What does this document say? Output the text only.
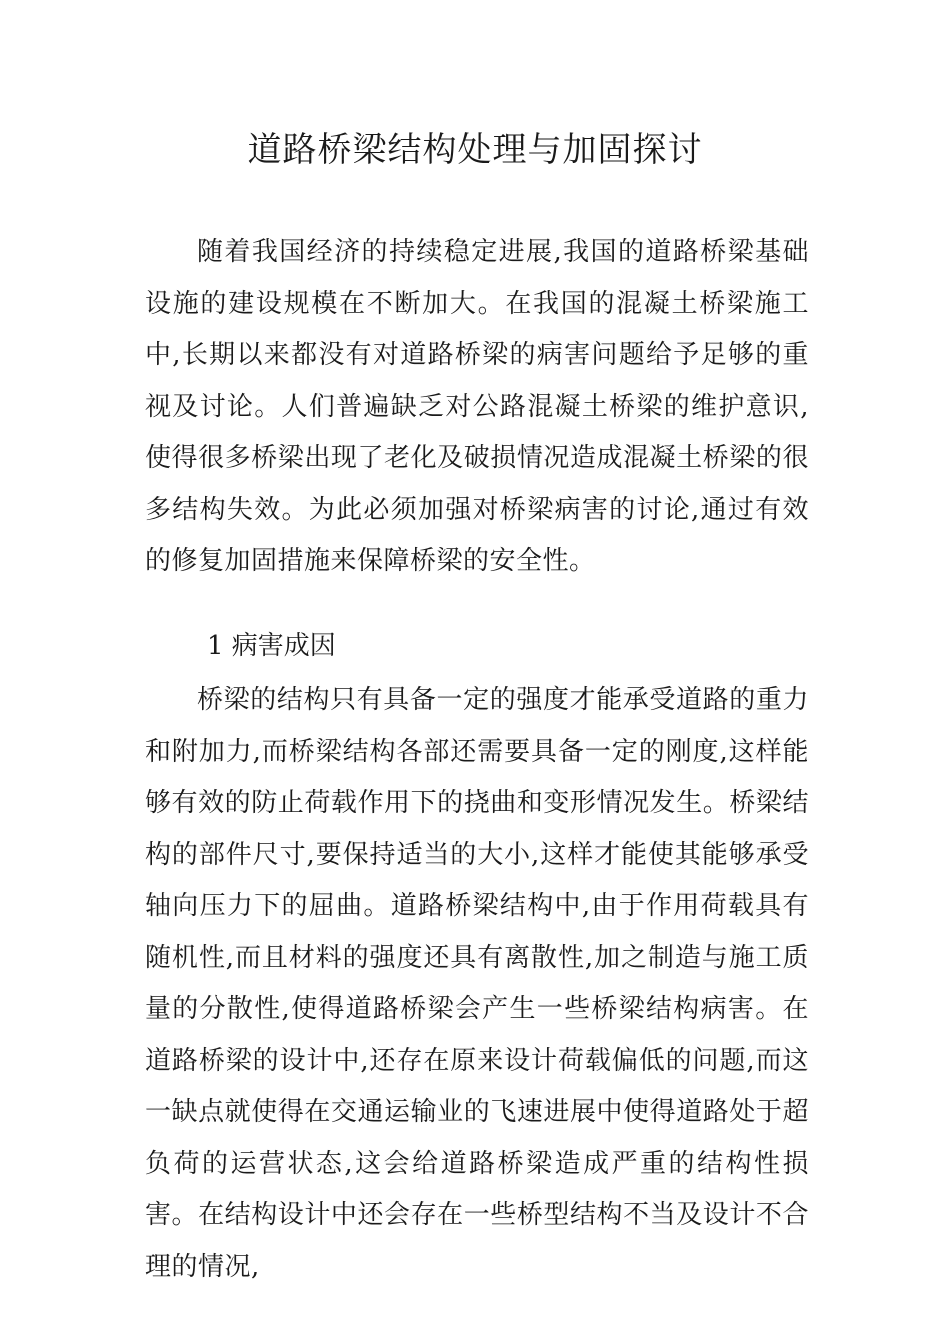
道路桥梁结构处理与加固探讨

随着我国经济的持续稳定进展,我国的道路桥梁基础设施的建设规模在不断加大。在我国的混凝土桥梁施工中,长期以来都没有对道路桥梁的病害问题给予足够的重视及讨论。人们普遍缺乏对公路混凝土桥梁的维护意识,使得很多桥梁出现了老化及破损情况造成混凝土桥梁的很多结构失效。为此必须加强对桥梁病害的讨论,通过有效的修复加固措施来保障桥梁的安全性。

1 病害成因

桥梁的结构只有具备一定的强度才能承受道路的重力和附加力,而桥梁结构各部还需要具备一定的刚度,这样能够有效的防止荷载作用下的挠曲和变形情况发生。桥梁结构的部件尺寸,要保持适当的大小,这样才能使其能够承受轴向压力下的屈曲。道路桥梁结构中,由于作用荷载具有随机性,而且材料的强度还具有离散性,加之制造与施工质量的分散性,使得道路桥梁会产生一些桥梁结构病害。在道路桥梁的设计中,还存在原来设计荷载偏低的问题,而这一缺点就使得在交通运输业的飞速进展中使得道路处于超负荷的运营状态,这会给道路桥梁造成严重的结构性损害。在结构设计中还会存在一些桥型结构不当及设计不合理的情况,
